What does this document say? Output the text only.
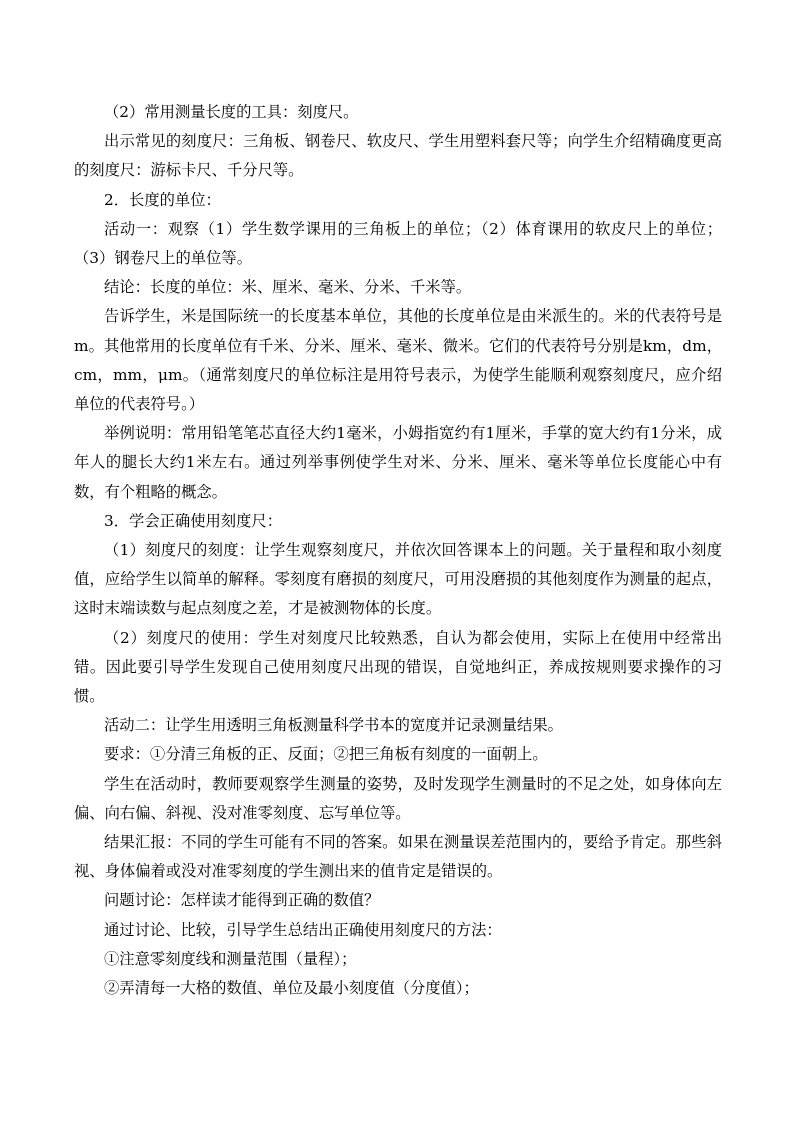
（2）常用测量长度的工具：刻度尺。

出示常见的刻度尺：三角板、钢卷尺、软皮尺、学生用塑料套尺等；向学生介绍精确度更高的刻度尺：游标卡尺、千分尺等。

2．长度的单位：

活动一：观察（1）学生数学课用的三角板上的单位；（2）体育课用的软皮尺上的单位；（3）钢卷尺上的单位等。

结论：长度的单位：米、厘米、毫米、分米、千米等。

告诉学生，米是国际统一的长度基本单位，其他的长度单位是由米派生的。米的代表符号是m。其他常用的长度单位有千米、分米、厘米、毫米、微米。它们的代表符号分别是km，dm，cm，mm，μm。（通常刻度尺的单位标注是用符号表示，为使学生能顺利观察刻度尺，应介绍单位的代表符号。）

举例说明：常用铅笔笔芯直径大约1毫米，小姆指宽约有1厘米，手掌的宽大约有1分米，成年人的腿长大约1米左右。通过列举事例使学生对米、分米、厘米、毫米等单位长度能心中有数，有个粗略的概念。

3．学会正确使用刻度尺：

（1）刻度尺的刻度：让学生观察刻度尺，并依次回答课本上的问题。关于量程和取小刻度值，应给学生以简单的解释。零刻度有磨损的刻度尺，可用没磨损的其他刻度作为测量的起点，这时末端读数与起点刻度之差，才是被测物体的长度。

（2）刻度尺的使用：学生对刻度尺比较熟悉，自认为都会使用，实际上在使用中经常出错。因此要引导学生发现自己使用刻度尺出现的错误，自觉地纠正，养成按规则要求操作的习惯。

活动二：让学生用透明三角板测量科学书本的宽度并记录测量结果。

要求：①分清三角板的正、反面；②把三角板有刻度的一面朝上。

学生在活动时，教师要观察学生测量的姿势，及时发现学生测量时的不足之处，如身体向左偏、向右偏、斜视、没对准零刻度、忘写单位等。

结果汇报：不同的学生可能有不同的答案。如果在测量误差范围内的，要给予肯定。那些斜视、身体偏着或没对准零刻度的学生测出来的值肯定是错误的。

问题讨论：怎样读才能得到正确的数值？

通过讨论、比较，引导学生总结出正确使用刻度尺的方法：

①注意零刻度线和测量范围（量程）；

②弄清每一大格的数值、单位及最小刻度值（分度值）；
